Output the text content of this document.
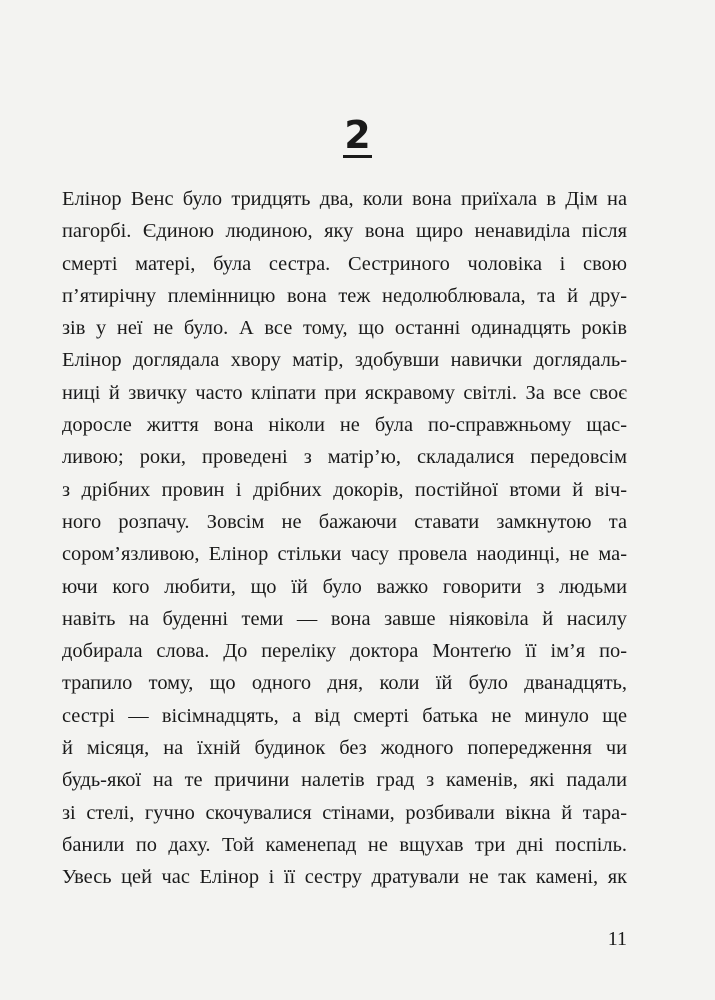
2
Елінор Венс було тридцять два, коли вона приїхала в Дім на
пагорбі. Єдиною людиною, яку вона щиро ненавиділа після
смерті матері, була сестра. Сестриного чоловіка і свою
п’ятирічну племінницю вона теж недолюблювала, та й дру-
зів у неї не було. А все тому, що останні одинадцять років
Елінор доглядала хвору матір, здобувши навички доглядаль-
ниці й звичку часто кліпати при яскравому світлі. За все своє
доросле життя вона ніколи не була по-справжньому щас-
ливою; роки, проведені з матір’ю, складалися передовсім
з дрібних провин і дрібних докорів, постійної втоми й віч-
ного розпачу. Зовсім не бажаючи ставати замкнутою та
сором’язливою, Елінор стільки часу провела наодинці, не ма-
ючи кого любити, що їй було важко говорити з людьми
навіть на буденні теми — вона завше ніяковіла й насилу
добирала слова. До переліку доктора Монтеґю її ім’я по-
трапило тому, що одного дня, коли їй було дванадцять,
сестрі — вісімнадцять, а від смерті батька не минуло ще
й місяця, на їхній будинок без жодного попередження чи
будь-якої на те причини налетів град з каменів, які падали
зі стелі, гучно скочувалися стінами, розбивали вікна й тара-
банили по даху. Той каменепад не вщухав три дні поспіль.
Увесь цей час Елінор і її сестру дратували не так камені, як
11
